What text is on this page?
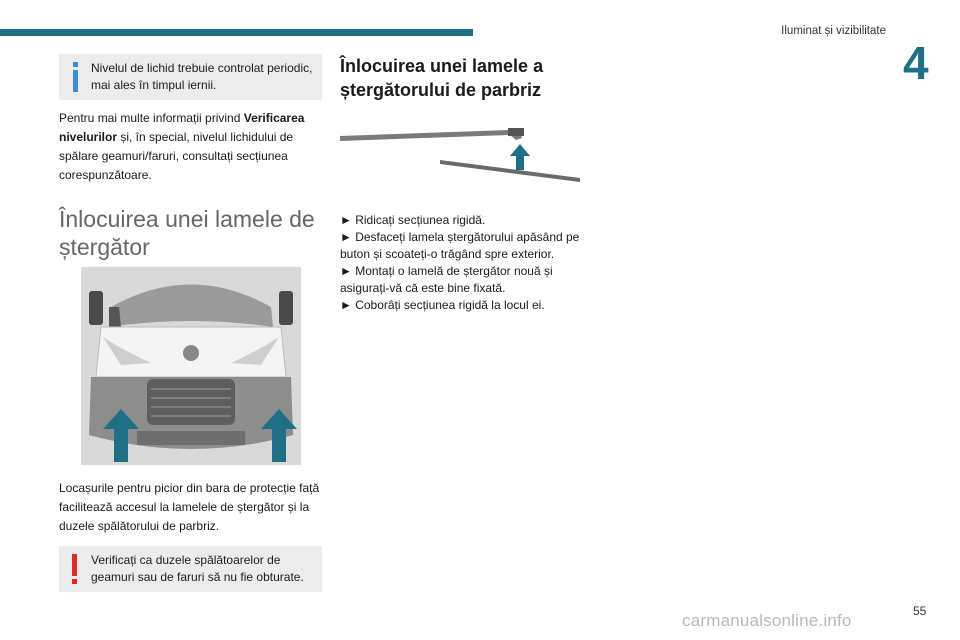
Iluminat și vizibilitate
4
Nivelul de lichid trebuie controlat periodic, mai ales în timpul iernii.

Pentru mai multe informații privind Verificarea nivelurilor și, în special, nivelul lichidului de spălare geamuri/faruri, consultați secțiunea corespunzătoare.

Înlocuirea unei lamele de ștergător

Locașurile pentru picior din bara de protecție față facilitează accesul la lamelele de ștergător și la duzele spălătorului de parbriz.

Verificați ca duzele spălătoarelor de geamuri sau de faruri să nu fie obturate.
Înlocuirea unei lamele a ștergătorului de parbriz
► Ridicați secțiunea rigidă.
► Desfaceți lamela ștergătorului apăsând pe buton și scoateți-o trăgând spre exterior.
► Montați o lamelă de ștergător nouă și asigurați-vă că este bine fixată.
► Coborâți secțiunea rigidă la locul ei.
55
carmanualsonline.info
